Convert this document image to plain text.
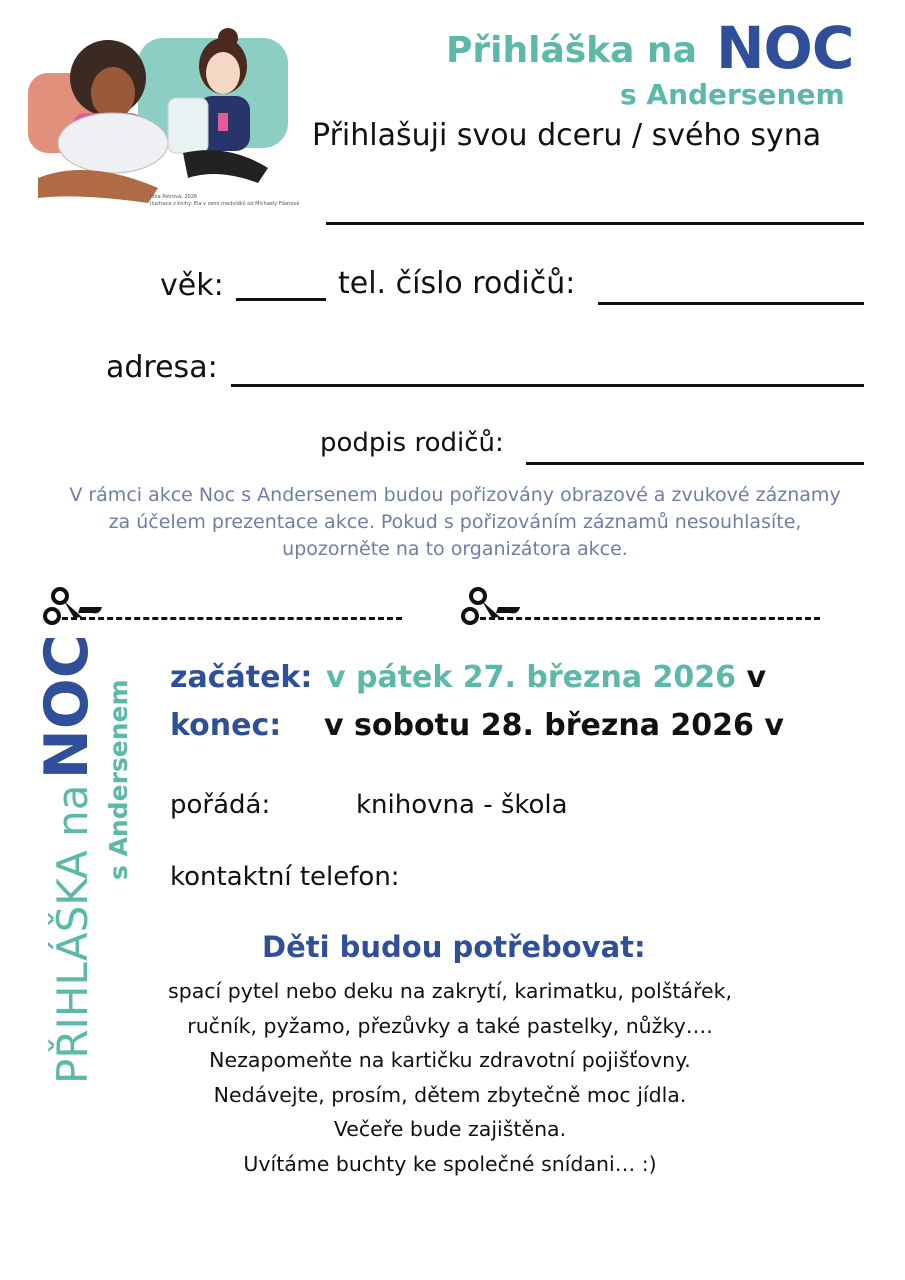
Jitka Petrová, 2026
Ilustrace z knihy: Ela v zemi medvídků od Michaely Fišarové
Přihláška na NOC
s Andersenem
Přihlašuji svou dceru / svého syna
věk:	tel. číslo rodičů:
adresa:
podpis rodičů:
V rámci akce Noc s Andersenem budou pořizovány obrazové a zvukové záznamy za účelem prezentace akce. Pokud s pořizováním záznamů nesouhlasíte, upozorněte na to organizátora akce.
PŘIHLÁŠKA na NOC s Andersenem
začátek: v pátek 27. března 2026 v
konec: v sobotu 28. března 2026 v
pořádá:	knihovna - škola
kontaktní telefon:
Děti budou potřebovat:
spací pytel nebo deku na zakrytí, karimatku, polštářek,
ručník, pyžamo, přezůvky a také pastelky, nůžky….
Nezapomeňte na kartičku zdravotní pojišťovny.
Nedávejte, prosím, dětem zbytečně moc jídla.
Večeře bude zajištěna.
Uvítáme buchty ke společné snídani… :)
